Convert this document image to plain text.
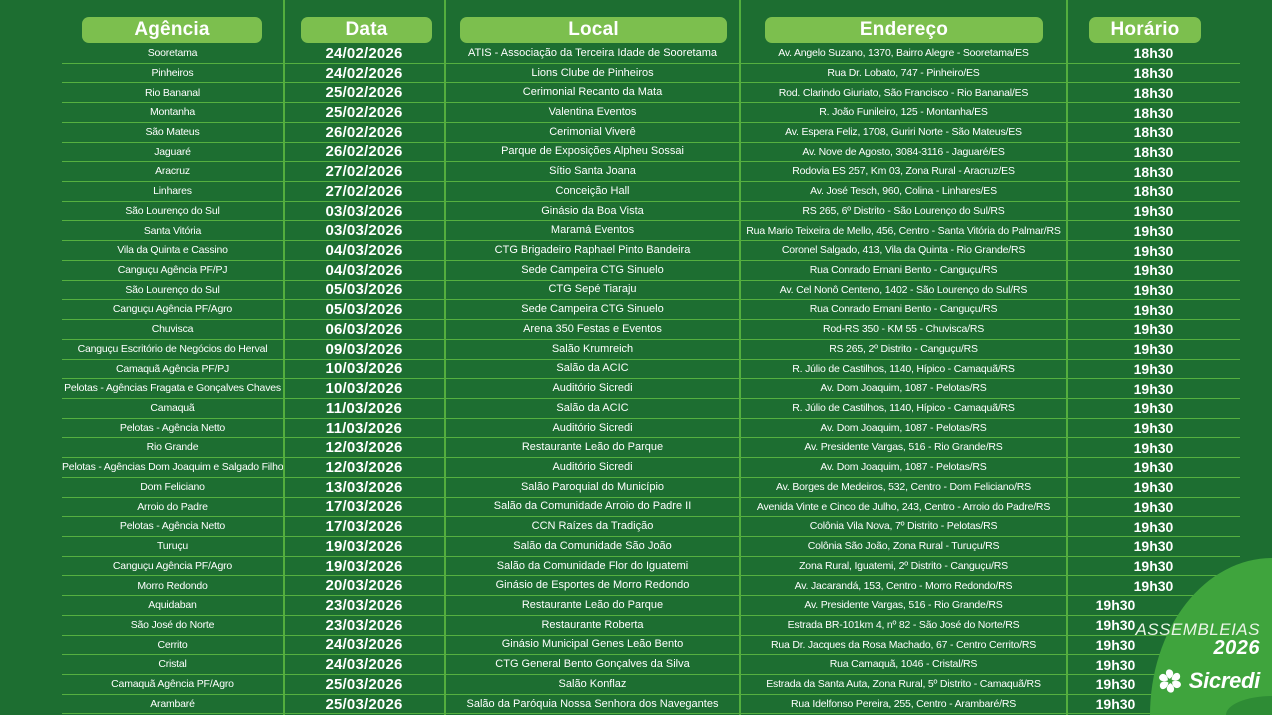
Agência	Data	Local	Endereço	Horário
Sooretama	24/02/2026	ATIS - Associação da Terceira Idade de Sooretama	Av. Angelo Suzano, 1370, Bairro Alegre - Sooretama/ES	18h30
Pinheiros	24/02/2026	Lions Clube de Pinheiros	Rua Dr. Lobato, 747 - Pinheiro/ES	18h30
Rio Bananal	25/02/2026	Cerimonial Recanto da Mata	Rod. Clarindo Giuriato, São Francisco - Rio Bananal/ES	18h30
Montanha	25/02/2026	Valentina Eventos	R. João Funileiro, 125 - Montanha/ES	18h30
São Mateus	26/02/2026	Cerimonial Viverê	Av. Espera Feliz, 1708, Guriri Norte - São Mateus/ES	18h30
Jaguaré	26/02/2026	Parque de Exposições Alpheu Sossai	Av. Nove de Agosto, 3084-3116 - Jaguaré/ES	18h30
Aracruz	27/02/2026	Sítio Santa Joana	Rodovia ES 257, Km 03, Zona Rural - Aracruz/ES	18h30
Linhares	27/02/2026	Conceição Hall	Av. José Tesch, 960, Colina - Linhares/ES	18h30
São Lourenço do Sul	03/03/2026	Ginásio da Boa Vista	RS 265, 6º Distrito - São Lourenço do Sul/RS	19h30
Santa Vitória	03/03/2026	Maramá Eventos	Rua Mario Teixeira de Mello, 456, Centro - Santa Vitória do Palmar/RS	19h30
Vila da Quinta e Cassino	04/03/2026	CTG Brigadeiro Raphael Pinto Bandeira	Coronel Salgado, 413, Vila da Quinta - Rio Grande/RS	19h30
Canguçu Agência PF/PJ	04/03/2026	Sede Campeira CTG Sinuelo	Rua Conrado Ernani Bento - Canguçu/RS	19h30
São Lourenço do Sul	05/03/2026	CTG Sepé Tiaraju	Av. Cel Nonô Centeno, 1402 - São Lourenço do Sul/RS	19h30
Canguçu Agência PF/Agro	05/03/2026	Sede Campeira CTG Sinuelo	Rua Conrado Ernani Bento - Canguçu/RS	19h30
Chuvisca	06/03/2026	Arena 350 Festas e Eventos	Rod-RS 350 - KM 55 - Chuvisca/RS	19h30
Canguçu Escritório de Negócios do Herval	09/03/2026	Salão Krumreich	RS 265, 2º Distrito - Canguçu/RS	19h30
Camaquã Agência PF/PJ	10/03/2026	Salão da ACIC	R. Júlio de Castilhos, 1140, Hípico - Camaquã/RS	19h30
Pelotas - Agências Fragata e Gonçalves Chaves	10/03/2026	Auditório Sicredi	Av. Dom Joaquim, 1087 - Pelotas/RS	19h30
Camaquã	11/03/2026	Salão da ACIC	R. Júlio de Castilhos, 1140, Hípico - Camaquã/RS	19h30
Pelotas - Agência Netto	11/03/2026	Auditório Sicredi	Av. Dom Joaquim, 1087 - Pelotas/RS	19h30
Rio Grande	12/03/2026	Restaurante Leão do Parque	Av. Presidente Vargas, 516 - Rio Grande/RS	19h30
Pelotas - Agências Dom Joaquim e Salgado Filho	12/03/2026	Auditório Sicredi	Av. Dom Joaquim, 1087 - Pelotas/RS	19h30
Dom Feliciano	13/03/2026	Salão Paroquial do Município	Av. Borges de Medeiros, 532, Centro - Dom Feliciano/RS	19h30
Arroio do Padre	17/03/2026	Salão da Comunidade Arroio do Padre II	Avenida Vinte e Cinco de Julho, 243, Centro - Arroio do Padre/RS	19h30
Pelotas - Agência Netto	17/03/2026	CCN Raízes da Tradição	Colônia Vila Nova, 7º Distrito - Pelotas/RS	19h30
Turuçu	19/03/2026	Salão da Comunidade São João	Colônia São João, Zona Rural - Turuçu/RS	19h30
Canguçu Agência PF/Agro	19/03/2026	Salão da Comunidade Flor do Iguatemi	Zona Rural, Iguatemi, 2º Distrito - Canguçu/RS	19h30
Morro Redondo	20/03/2026	Ginásio de Esportes de Morro Redondo	Av. Jacarandá, 153, Centro - Morro Redondo/RS	19h30
Aquidaban	23/03/2026	Restaurante Leão do Parque	Av. Presidente Vargas, 516 - Rio Grande/RS	19h30
São José do Norte	23/03/2026	Restaurante Roberta	Estrada BR-101km 4, nº 82 - São José do Norte/RS	19h30
Cerrito	24/03/2026	Ginásio Municipal Genes Leão Bento	Rua Dr. Jacques da Rosa Machado, 67 - Centro Cerrito/RS	19h30
Cristal	24/03/2026	CTG General Bento Gonçalves da Silva	Rua Camaquã, 1046 - Cristal/RS	19h30
Camaquã Agência PF/Agro	25/03/2026	Salão Konflaz	Estrada da Santa Auta, Zona Rural, 5º Distrito - Camaquã/RS	19h30
Arambaré	25/03/2026	Salão da Paróquia Nossa Senhora dos Navegantes	Rua Idelfonso Pereira, 255, Centro - Arambaré/RS	19h30
ASSEMBLEIAS
2026
Sicredi
